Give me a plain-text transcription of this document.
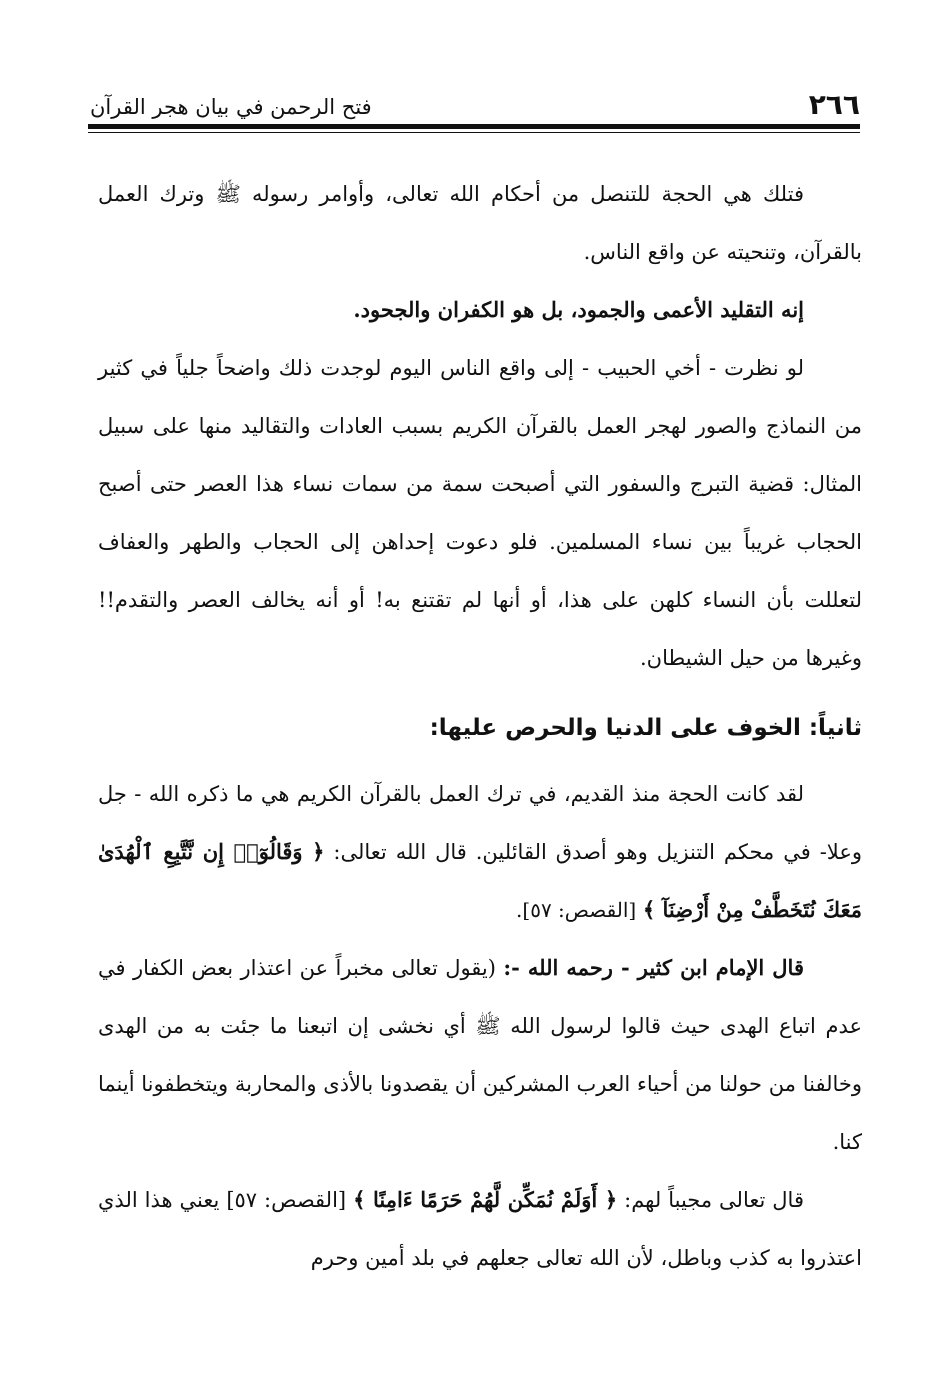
٢٦٦
فتح الرحمن في بيان هجر القرآن

فتلك هي الحجة للتنصل من أحكام الله تعالى، وأوامر رسوله ﷺ وترك العمل بالقرآن، وتنحيته عن واقع الناس.

إنه التقليد الأعمى والجمود، بل هو الكفران والجحود.

لو نظرت - أخي الحبيب - إلى واقع الناس اليوم لوجدت ذلك واضحاً جلياً في كثير من النماذج والصور لهجر العمل بالقرآن الكريم بسبب العادات والتقاليد منها على سبيل المثال: قضية التبرج والسفور التي أصبحت سمة من سمات نساء هذا العصر حتى أصبح الحجاب غريباً بين نساء المسلمين. فلو دعوت إحداهن إلى الحجاب والطهر والعفاف لتعللت بأن النساء كلهن على هذا، أو أنها لم تقتنع به! أو أنه يخالف العصر والتقدم!! وغيرها من حيل الشيطان.

ثانياً: الخوف على الدنيا والحرص عليها:

لقد كانت الحجة منذ القديم، في ترك العمل بالقرآن الكريم هي ما ذكره الله - جل وعلا- في محكم التنزيل وهو أصدق القائلين. قال الله تعالى: ﴿ وَقَالُوٓا۟ إِن نَّتَّبِعِ ٱلْهُدَىٰ مَعَكَ نُتَخَطَّفْ مِنْ أَرْضِنَآ ﴾ [القصص: ٥٧].

قال الإمام ابن كثير - رحمه الله -: (يقول تعالى مخبراً عن اعتذار بعض الكفار في عدم اتباع الهدى حيث قالوا لرسول الله ﷺ أي نخشى إن اتبعنا ما جئت به من الهدى وخالفنا من حولنا من أحياء العرب المشركين أن يقصدونا بالأذى والمحاربة ويتخطفونا أينما كنا.

قال تعالى مجيباً لهم: ﴿ أَوَلَمْ نُمَكِّن لَّهُمْ حَرَمًا ءَامِنًا ﴾ [القصص: ٥٧] يعني هذا الذي اعتذروا به كذب وباطل، لأن الله تعالى جعلهم في بلد أمين وحرم
